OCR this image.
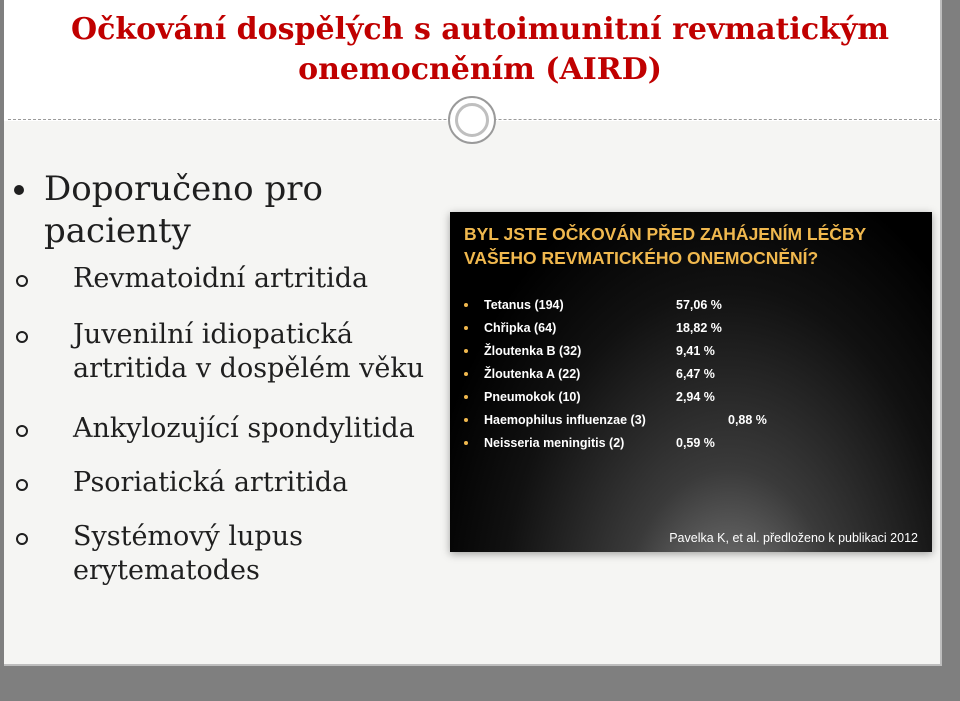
Očkování dospělých s autoimunitní revmatickým
onemocněním (AIRD)
Doporučeno pro
pacienty
Revmatoidní artritida
Juvenilní idiopatická
artritida v dospělém věku
Ankylozující spondylitida
Psoriatická artritida
Systémový lupus
erytematodes
BYL JSTE OČKOVÁN PŘED ZAHÁJENÍM LÉČBY
VAŠEHO REVMATICKÉHO ONEMOCNĚNÍ?
Tetanus (194)	57,06 %
Chřipka (64)	18,82 %
Žloutenka B (32)	9,41 %
Žloutenka A (22)	6,47 %
Pneumokok (10)	2,94 %
Haemophilus influenzae (3)	0,88 %
Neisseria meningitis (2)	0,59 %
Pavelka K, et al. předloženo k publikaci 2012
